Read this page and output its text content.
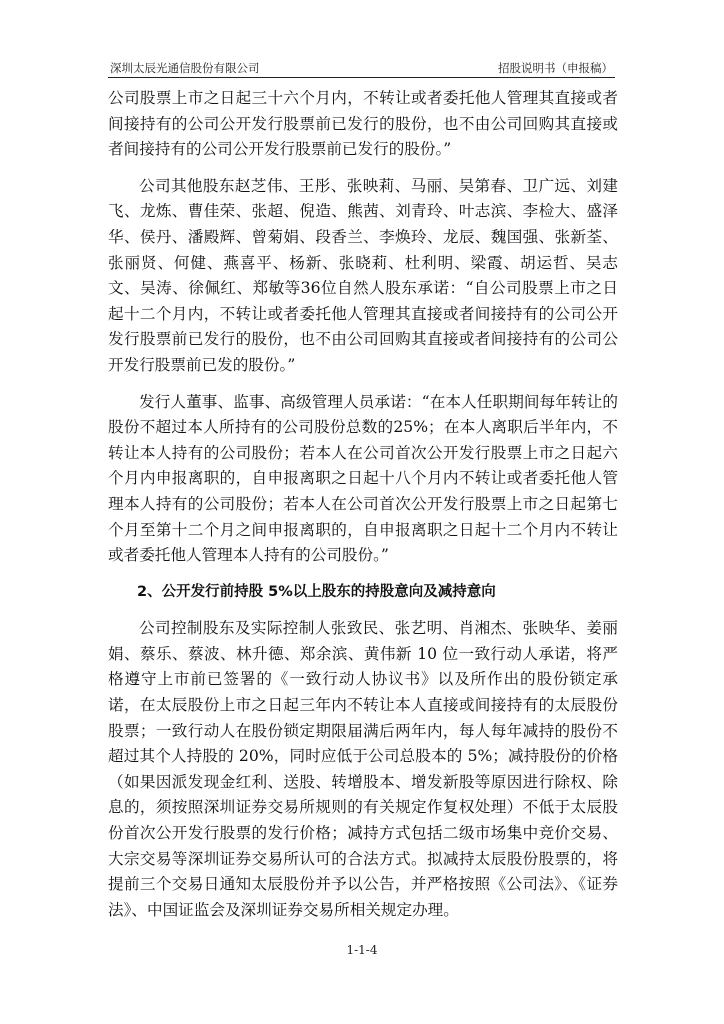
深圳太辰光通信股份有限公司	招股说明书（申报稿）

公司股票上市之日起三十六个月内，不转让或者委托他人管理其直接或者间接持有的公司公开发行股票前已发行的股份，也不由公司回购其直接或者间接持有的公司公开发行股票前已发行的股份。”

公司其他股东赵芝伟、王彤、张映莉、马丽、吴第春、卫广远、刘建飞、龙炼、曹佳荣、张超、倪造、熊茜、刘青玲、叶志滨、李检大、盛泽华、侯丹、潘殿辉、曾菊娟、段香兰、李焕玲、龙辰、魏国强、张新荃、张丽贤、何健、燕喜平、杨新、张晓莉、杜利明、梁霞、胡运哲、吴志文、吴涛、徐佩红、郑敏等36位自然人股东承诺：“自公司股票上市之日起十二个月内，不转让或者委托他人管理其直接或者间接持有的公司公开发行股票前已发行的股份，也不由公司回购其直接或者间接持有的公司公开发行股票前已发的股份。”

发行人董事、监事、高级管理人员承诺：“在本人任职期间每年转让的股份不超过本人所持有的公司股份总数的25%；在本人离职后半年内，不转让本人持有的公司股份；若本人在公司首次公开发行股票上市之日起六个月内申报离职的，自申报离职之日起十八个月内不转让或者委托他人管理本人持有的公司股份；若本人在公司首次公开发行股票上市之日起第七个月至第十二个月之间申报离职的，自申报离职之日起十二个月内不转让或者委托他人管理本人持有的公司股份。”

2、公开发行前持股 5%以上股东的持股意向及减持意向

公司控制股东及实际控制人张致民、张艺明、肖湘杰、张映华、姜丽娟、蔡乐、蔡波、林升德、郑余滨、黄伟新 10 位一致行动人承诺，将严格遵守上市前已签署的《一致行动人协议书》以及所作出的股份锁定承诺，在太辰股份上市之日起三年内不转让本人直接或间接持有的太辰股份股票；一致行动人在股份锁定期限届满后两年内，每人每年减持的股份不超过其个人持股的 20%，同时应低于公司总股本的 5%；减持股份的价格（如果因派发现金红利、送股、转增股本、增发新股等原因进行除权、除息的，须按照深圳证券交易所规则的有关规定作复权处理）不低于太辰股份首次公开发行股票的发行价格；减持方式包括二级市场集中竞价交易、大宗交易等深圳证券交易所认可的合法方式。拟减持太辰股份股票的，将提前三个交易日通知太辰股份并予以公告，并严格按照《公司法》、《证券法》、中国证监会及深圳证券交易所相关规定办理。

1-1-4
